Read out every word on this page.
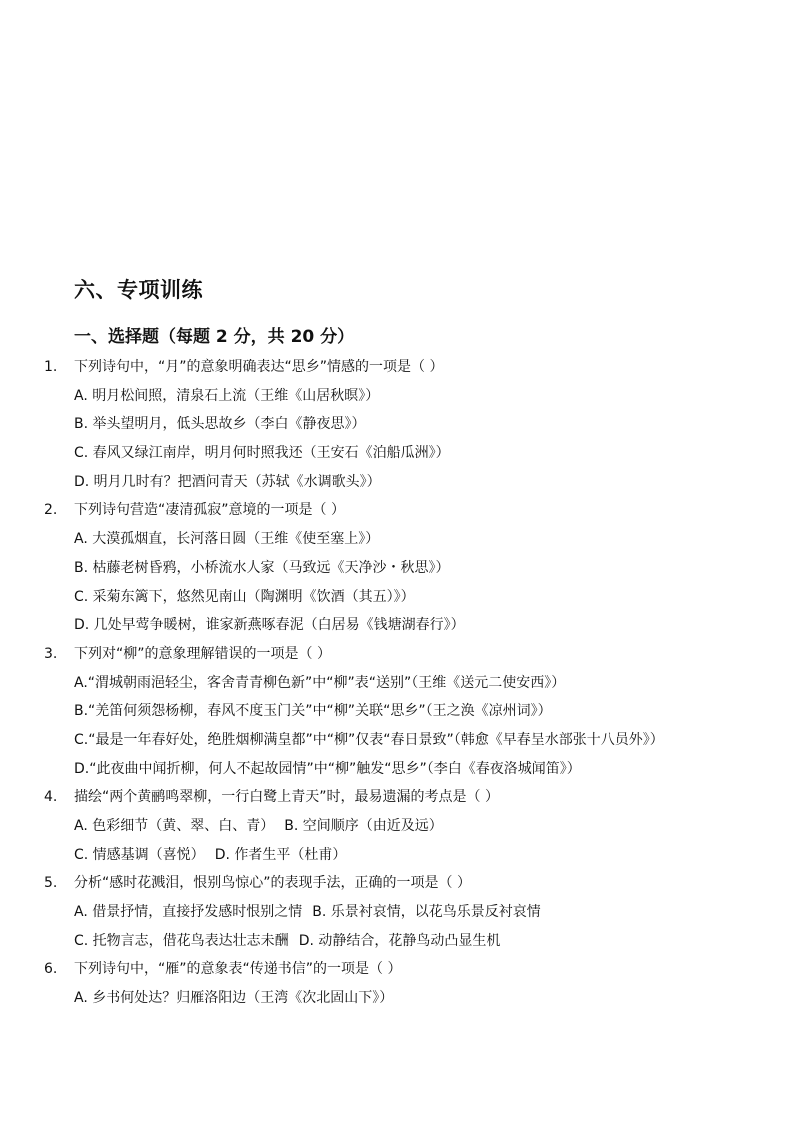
六、专项训练
一、选择题（每题 2 分，共 20 分）
1.	下列诗句中，“月”的意象明确表达“思乡”情感的一项是（ ）
A. 明月松间照，清泉石上流（王维《山居秋暝》）
B. 举头望明月，低头思故乡（李白《静夜思》）
C. 春风又绿江南岸，明月何时照我还（王安石《泊船瓜洲》）
D. 明月几时有？把酒问青天（苏轼《水调歌头》）
2.	下列诗句营造“凄清孤寂”意境的一项是（ ）
A. 大漠孤烟直，长河落日圆（王维《使至塞上》）
B. 枯藤老树昏鸦，小桥流水人家（马致远《天净沙・秋思》）
C. 采菊东篱下，悠然见南山（陶渊明《饮酒（其五）》）
D. 几处早莺争暖树，谁家新燕啄春泥（白居易《钱塘湖春行》）
3.	下列对“柳”的意象理解错误的一项是（ ）
A.“渭城朝雨浥轻尘，客舍青青柳色新”中“柳”表“送别”（王维《送元二使安西》）
B.“羌笛何须怨杨柳，春风不度玉门关”中“柳”关联“思乡”（王之涣《凉州词》）
C.“最是一年春好处，绝胜烟柳满皇都”中“柳”仅表“春日景致”（韩愈《早春呈水部张十八员外》）
D.“此夜曲中闻折柳，何人不起故园情”中“柳”触发“思乡”（李白《春夜洛城闻笛》）
4.	描绘“两个黄鹂鸣翠柳，一行白鹭上青天”时，最易遗漏的考点是（ ）
A. 色彩细节（黄、翠、白、青） B. 空间顺序（由近及远）
C. 情感基调（喜悦） D. 作者生平（杜甫）
5.	分析“感时花溅泪，恨别鸟惊心”的表现手法，正确的一项是（ ）
A. 借景抒情，直接抒发感时恨别之情 B. 乐景衬哀情，以花鸟乐景反衬哀情
C. 托物言志，借花鸟表达壮志未酬 D. 动静结合，花静鸟动凸显生机
6.	下列诗句中，“雁”的意象表“传递书信”的一项是（ ）
A. 乡书何处达？归雁洛阳边（王湾《次北固山下》）
